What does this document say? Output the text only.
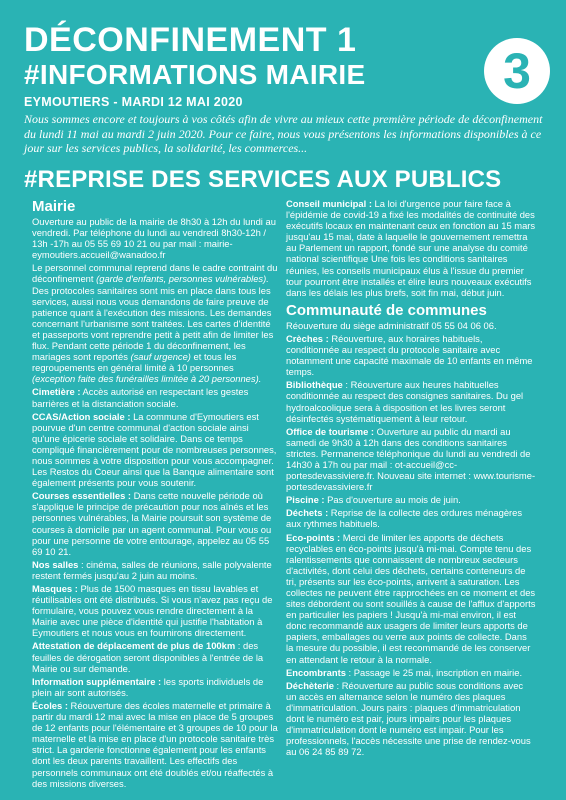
DÉCONFINEMENT 1
#INFORMATIONS MAIRIE
EYMOUTIERS - MARDI 12 MAI 2020
3
Nous sommes encore et toujours à vos côtés afin de vivre au mieux cette première période de déconfinement du lundi 11 mai au mardi 2 juin 2020. Pour ce faire, nous vous présentons les informations disponibles à ce jour sur les services publics, la solidarité, les commerces...
#REPRISE DES SERVICES AUX PUBLICS
Mairie

Ouverture au public de la mairie de 8h30 à 12h du lundi au vendredi. Par téléphone du lundi au vendredi 8h30-12h / 13h -17h au 05 55 69 10 21 ou par mail : mairie-eymoutiers.accueil@wanadoo.fr

Le personnel communal reprend dans le cadre contraint du déconfinement (garde d'enfants, personnes vulnérables). Des protocoles sanitaires sont mis en place dans tous les services, aussi nous vous demandons de faire preuve de patience quant à l'exécution des missions. Les demandes concernant l'urbanisme sont traitées. Les cartes d'identité et passeports vont reprendre petit à petit afin de limiter les flux. Pendant cette période 1 du déconfinement, les mariages sont reportés (sauf urgence) et tous les regroupements en général limité à 10 personnes (exception faite des funérailles limitée à 20 personnes).

Cimetière : Accès autorisé en respectant les gestes barrières et la distanciation sociale.

CCAS/Action sociale : La commune d'Eymoutiers est pourvue d'un centre communal d'action sociale ainsi qu'une épicerie sociale et solidaire. Dans ce temps compliqué financièrement pour de nombreuses personnes, nous sommes à votre disposition pour vous accompagner. Les Restos du Coeur ainsi que la Banque alimentaire sont également présents pour vous soutenir.

Courses essentielles : Dans cette nouvelle période où s'applique le principe de précaution pour nos aînés et les personnes vulnérables, la Mairie poursuit son système de courses à domicile par un agent communal. Pour vous ou pour une personne de votre entourage, appelez au 05 55 69 10 21.

Nos salles : cinéma, salles de réunions, salle polyvalente restent fermés jusqu'au 2 juin au moins.

Masques : Plus de 1500 masques en tissu lavables et réutilisables ont été distribués. Si vous n'avez pas reçu de formulaire, vous pouvez vous rendre directement à la Mairie avec une pièce d'identité qui justifie l'habitation à Eymoutiers et nous vous en fournirons directement.

Attestation de déplacement de plus de 100km : des feuilles de dérogation seront disponibles à l'entrée de la Mairie ou sur demande.

Information supplémentaire : les sports individuels de plein air sont autorisés.

Écoles : Réouverture des écoles maternelle et primaire à partir du mardi 12 mai avec la mise en place de 5 groupes de 12 enfants pour l'élémentaire et 3 groupes de 10 pour la maternelle et la mise en place d'un protocole sanitaire très strict. La garderie fonctionne également pour les enfants dont les deux parents travaillent. Les effectifs des personnels communaux ont été doublés et/ou réaffectés à des missions diverses.

Conseil municipal : La loi d'urgence pour faire face à l'épidémie de covid-19 a fixé les modalités de continuité des exécutifs locaux en maintenant ceux en fonction au 15 mars jusqu'au 15 mai, date à laquelle le gouvernement remettra au Parlement un rapport, fondé sur une analyse du comité national scientifique Une fois les conditions sanitaires réunies, les conseils municipaux élus à l'issue du premier tour pourront être installés et élire leurs nouveaux exécutifs dans les délais les plus brefs, soit fin mai, début juin.

Communauté de communes

Réouverture du siège administratif 05 55 04 06 06.

Crèches : Réouverture, aux horaires habituels, conditionnée au respect du protocole sanitaire avec notamment une capacité maximale de 10 enfants en même temps.

Bibliothèque : Réouverture aux heures habituelles conditionnée au respect des consignes sanitaires. Du gel hydroalcoolique sera à disposition et les livres seront désinfectés systématiquement à leur retour.

Office de tourisme : Ouverture au public du mardi au samedi de 9h30 à 12h dans des conditions sanitaires strictes. Permanence téléphonique du lundi au vendredi de 14h30 à 17h ou par mail : ot-accueil@cc-portesdevassiviere.fr. Nouveau site internet : www.tourisme-portesdevassiviere.fr

Piscine : Pas d'ouverture au mois de juin.

Déchets : Reprise de la collecte des ordures ménagères aux rythmes habituels.

Eco-points : Merci de limiter les apports de déchets recyclables en éco-points jusqu'à mi-mai. Compte tenu des ralentissements que connaissent de nombreux secteurs d'activités, dont celui des déchets, certains conteneurs de tri, présents sur les éco-points, arrivent à saturation. Les collectes ne peuvent être rapprochées en ce moment et des sites débordent ou sont souillés à cause de l'afflux d'apports en particulier les papiers ! Jusqu'à mi-mai environ, il est donc recommandé aux usagers de limiter leurs apports de papiers, emballages ou verre aux points de collecte. Dans la mesure du possible, il est recommandé de les conserver en attendant le retour à la normale.

Encombrants : Passage le 25 mai, inscription en mairie.

Déchèterie : Réouverture au public sous conditions avec un accès en alternance selon le numéro des plaques d'immatriculation. Jours pairs : plaques d'immatriculation dont le numéro est pair, jours impairs pour les plaques d'immatriculation dont le numéro est impair. Pour les professionnels, l'accès nécessite une prise de rendez-vous au 06 24 85 89 72.
